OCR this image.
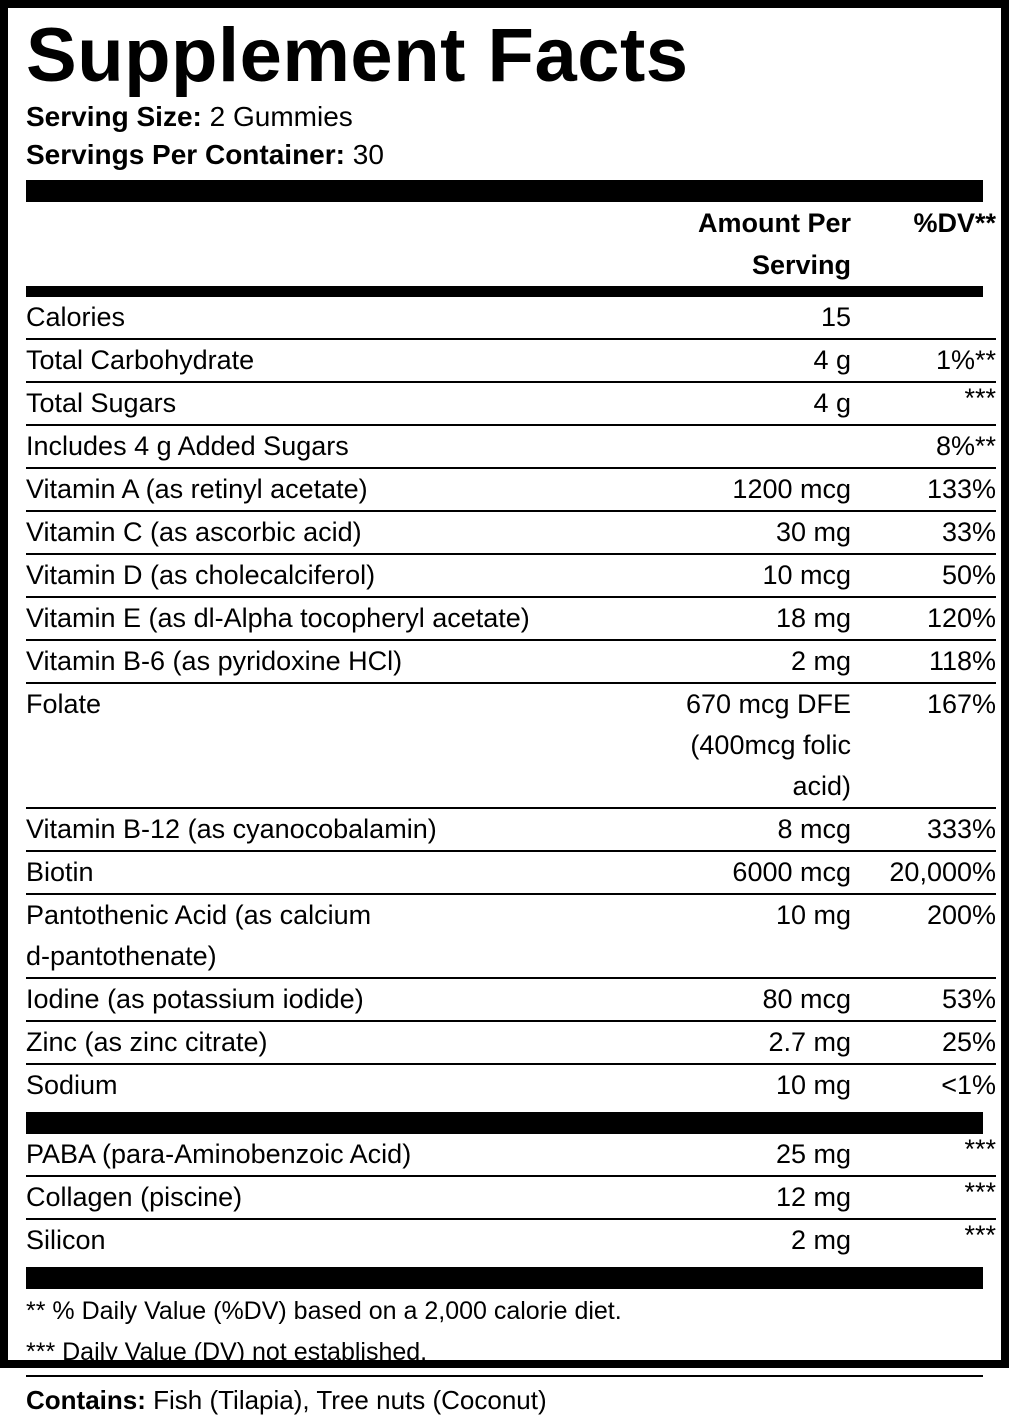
Supplement Facts
Serving Size: 2 Gummies
Servings Per Container: 30
	Amount Per Serving	%DV**
Calories	15	
Total Carbohydrate	4 g	1%**
Total Sugars	4 g	***
Includes 4 g Added Sugars		8%**
Vitamin A (as retinyl acetate)	1200 mcg	133%
Vitamin C (as ascorbic acid)	30 mg	33%
Vitamin D (as cholecalciferol)	10 mcg	50%
Vitamin E (as dl-Alpha tocopheryl acetate)	18 mg	120%
Vitamin B-6 (as pyridoxine HCl)	2 mg	118%
Folate	670 mcg DFE	167%
	(400mcg folic acid)	
Vitamin B-12 (as cyanocobalamin)	8 mcg	333%
Biotin	6000 mcg	20,000%
Pantothenic Acid (as calcium	10 mg	200%
d-pantothenate)		
Iodine (as potassium iodide)	80 mcg	53%
Zinc (as zinc citrate)	2.7 mg	25%
Sodium	10 mg	<1%
PABA (para-Aminobenzoic Acid)	25 mg	***
Collagen (piscine)	12 mg	***
Silicon	2 mg	***
** % Daily Value (%DV) based on a 2,000 calorie diet.
*** Daily Value (DV) not established.
Contains: Fish (Tilapia), Tree nuts (Coconut)
